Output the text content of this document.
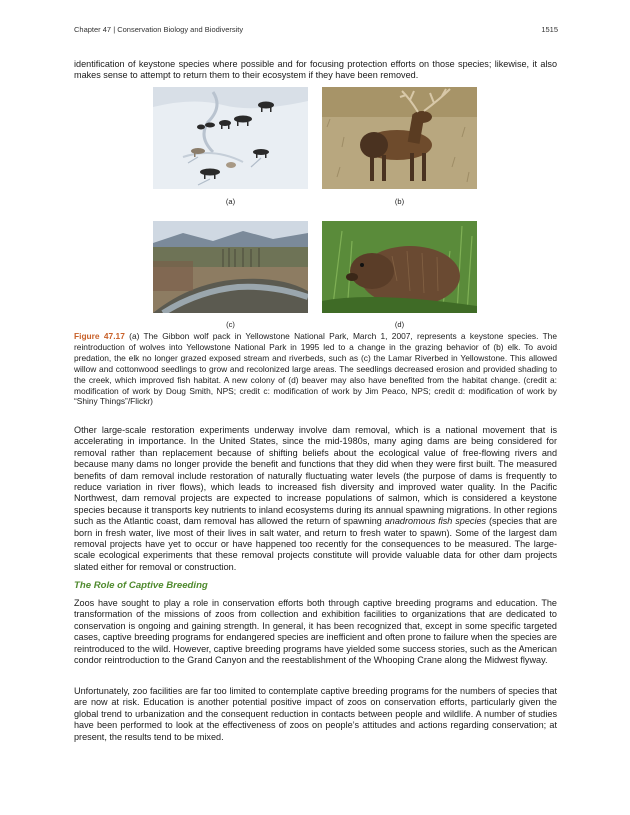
Chapter 47 | Conservation Biology and Biodiversity	1515

identification of keystone species where possible and for focusing protection efforts on those species; likewise, it also makes sense to attempt to return them to their ecosystem if they have been removed.

(a)	(b)
(c)	(d)

Figure 47.17 (a) The Gibbon wolf pack in Yellowstone National Park, March 1, 2007, represents a keystone species. The reintroduction of wolves into Yellowstone National Park in 1995 led to a change in the grazing behavior of (b) elk. To avoid predation, the elk no longer grazed exposed stream and riverbeds, such as (c) the Lamar Riverbed in Yellowstone. This allowed willow and cottonwood seedlings to grow and recolonized large areas. The seedlings decreased erosion and provided shading to the creek, which improved fish habitat. A new colony of (d) beaver may also have benefited from the habitat change. (credit a: modification of work by Doug Smith, NPS; credit c: modification of work by Jim Peaco, NPS; credit d: modification of work by “Shiny Things”/Flickr)

Other large-scale restoration experiments underway involve dam removal, which is a national movement that is accelerating in importance. In the United States, since the mid-1980s, many aging dams are being considered for removal rather than replacement because of shifting beliefs about the ecological value of free-flowing rivers and because many dams no longer provide the benefit and functions that they did when they were first built. The measured benefits of dam removal include restoration of naturally fluctuating water levels (the purpose of dams is frequently to reduce variation in river flows), which leads to increased fish diversity and improved water quality. In the Pacific Northwest, dam removal projects are expected to increase populations of salmon, which is considered a keystone species because it transports key nutrients to inland ecosystems during its annual spawning migrations. In other regions such as the Atlantic coast, dam removal has allowed the return of spawning anadromous fish species (species that are born in fresh water, live most of their lives in salt water, and return to fresh water to spawn). Some of the largest dam removal projects have yet to occur or have happened too recently for the consequences to be measured. The large-scale ecological experiments that these removal projects constitute will provide valuable data for other dam projects slated either for removal or construction.

The Role of Captive Breeding

Zoos have sought to play a role in conservation efforts both through captive breeding programs and education. The transformation of the missions of zoos from collection and exhibition facilities to organizations that are dedicated to conservation is ongoing and gaining strength. In general, it has been recognized that, except in some specific targeted cases, captive breeding programs for endangered species are inefficient and often prone to failure when the species are reintroduced to the wild. However, captive breeding programs have yielded some success stories, such as the American condor reintroduction to the Grand Canyon and the reestablishment of the Whooping Crane along the Midwest flyway.

Unfortunately, zoo facilities are far too limited to contemplate captive breeding programs for the numbers of species that are now at risk. Education is another potential positive impact of zoos on conservation efforts, particularly given the global trend to urbanization and the consequent reduction in contacts between people and wildlife. A number of studies have been performed to look at the effectiveness of zoos on people’s attitudes and actions regarding conservation; at present, the results tend to be mixed.
